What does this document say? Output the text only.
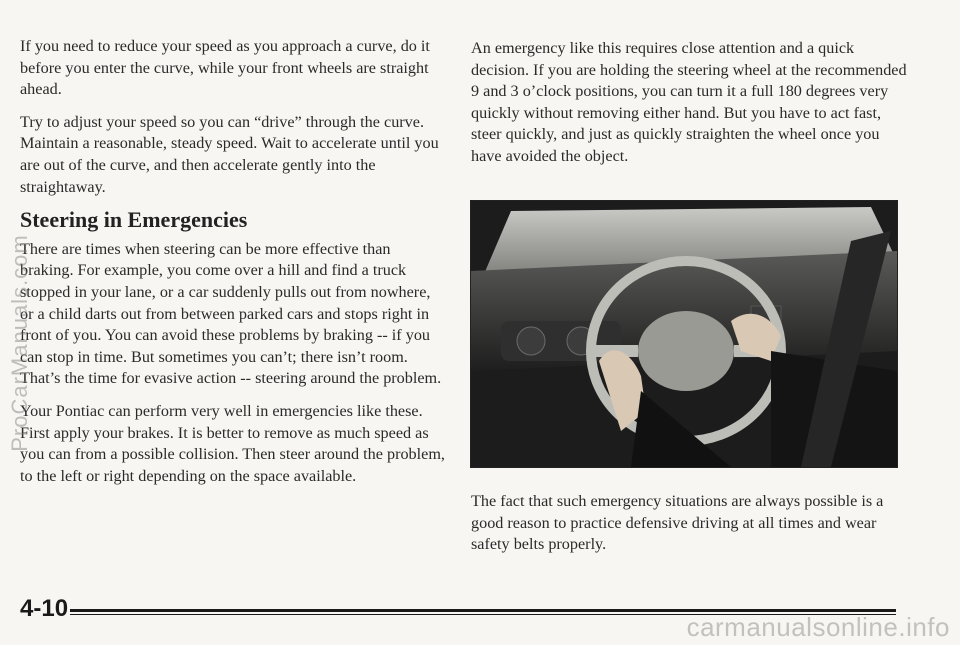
If you need to reduce your speed as you approach a curve, do it before you enter the curve, while your front wheels are straight ahead.

Try to adjust your speed so you can “drive” through the curve. Maintain a reasonable, steady speed. Wait to accelerate until you are out of the curve, and then accelerate gently into the straightaway.

Steering in Emergencies

There are times when steering can be more effective than braking. For example, you come over a hill and find a truck stopped in your lane, or a car suddenly pulls out from nowhere, or a child darts out from between parked cars and stops right in front of you. You can avoid these problems by braking -- if you can stop in time. But sometimes you can’t; there isn’t room. That’s the time for evasive action -- steering around the problem.

Your Pontiac can perform very well in emergencies like these. First apply your brakes. It is better to remove as much speed as you can from a possible collision. Then steer around the problem, to the left or right depending on the space available.

An emergency like this requires close attention and a quick decision. If you are holding the steering wheel at the recommended 9 and 3 o’clock positions, you can turn it a full 180 degrees very quickly without removing either hand. But you have to act fast, steer quickly, and just as quickly straighten the wheel once you have avoided the object.

The fact that such emergency situations are always possible is a good reason to practice defensive driving at all times and wear safety belts properly.

4-10
ProCarManuals.com
carmanualsonline.info
